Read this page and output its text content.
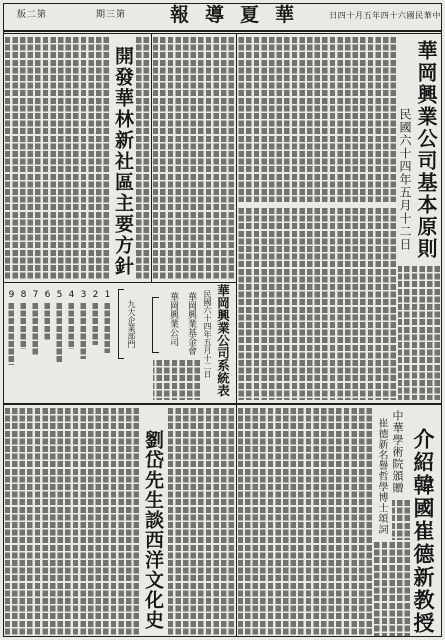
第二版	第三期 華夏導報 中華民國六十四年五月十四日
華岡興業公司基本原則
民國六十四年五月十二日
開發華林新社區主要方針
華岡興業公司系統表
民國六十四年五月十二日
華岡興業基金會
華岡興業公司
九大企業部門
1
2
3
4
5
6
7
8
9
介紹韓國崔德新教授
中華學術院頒贈
崔德新名譽哲學博士頌詞
劉岱先生談西洋文化史
